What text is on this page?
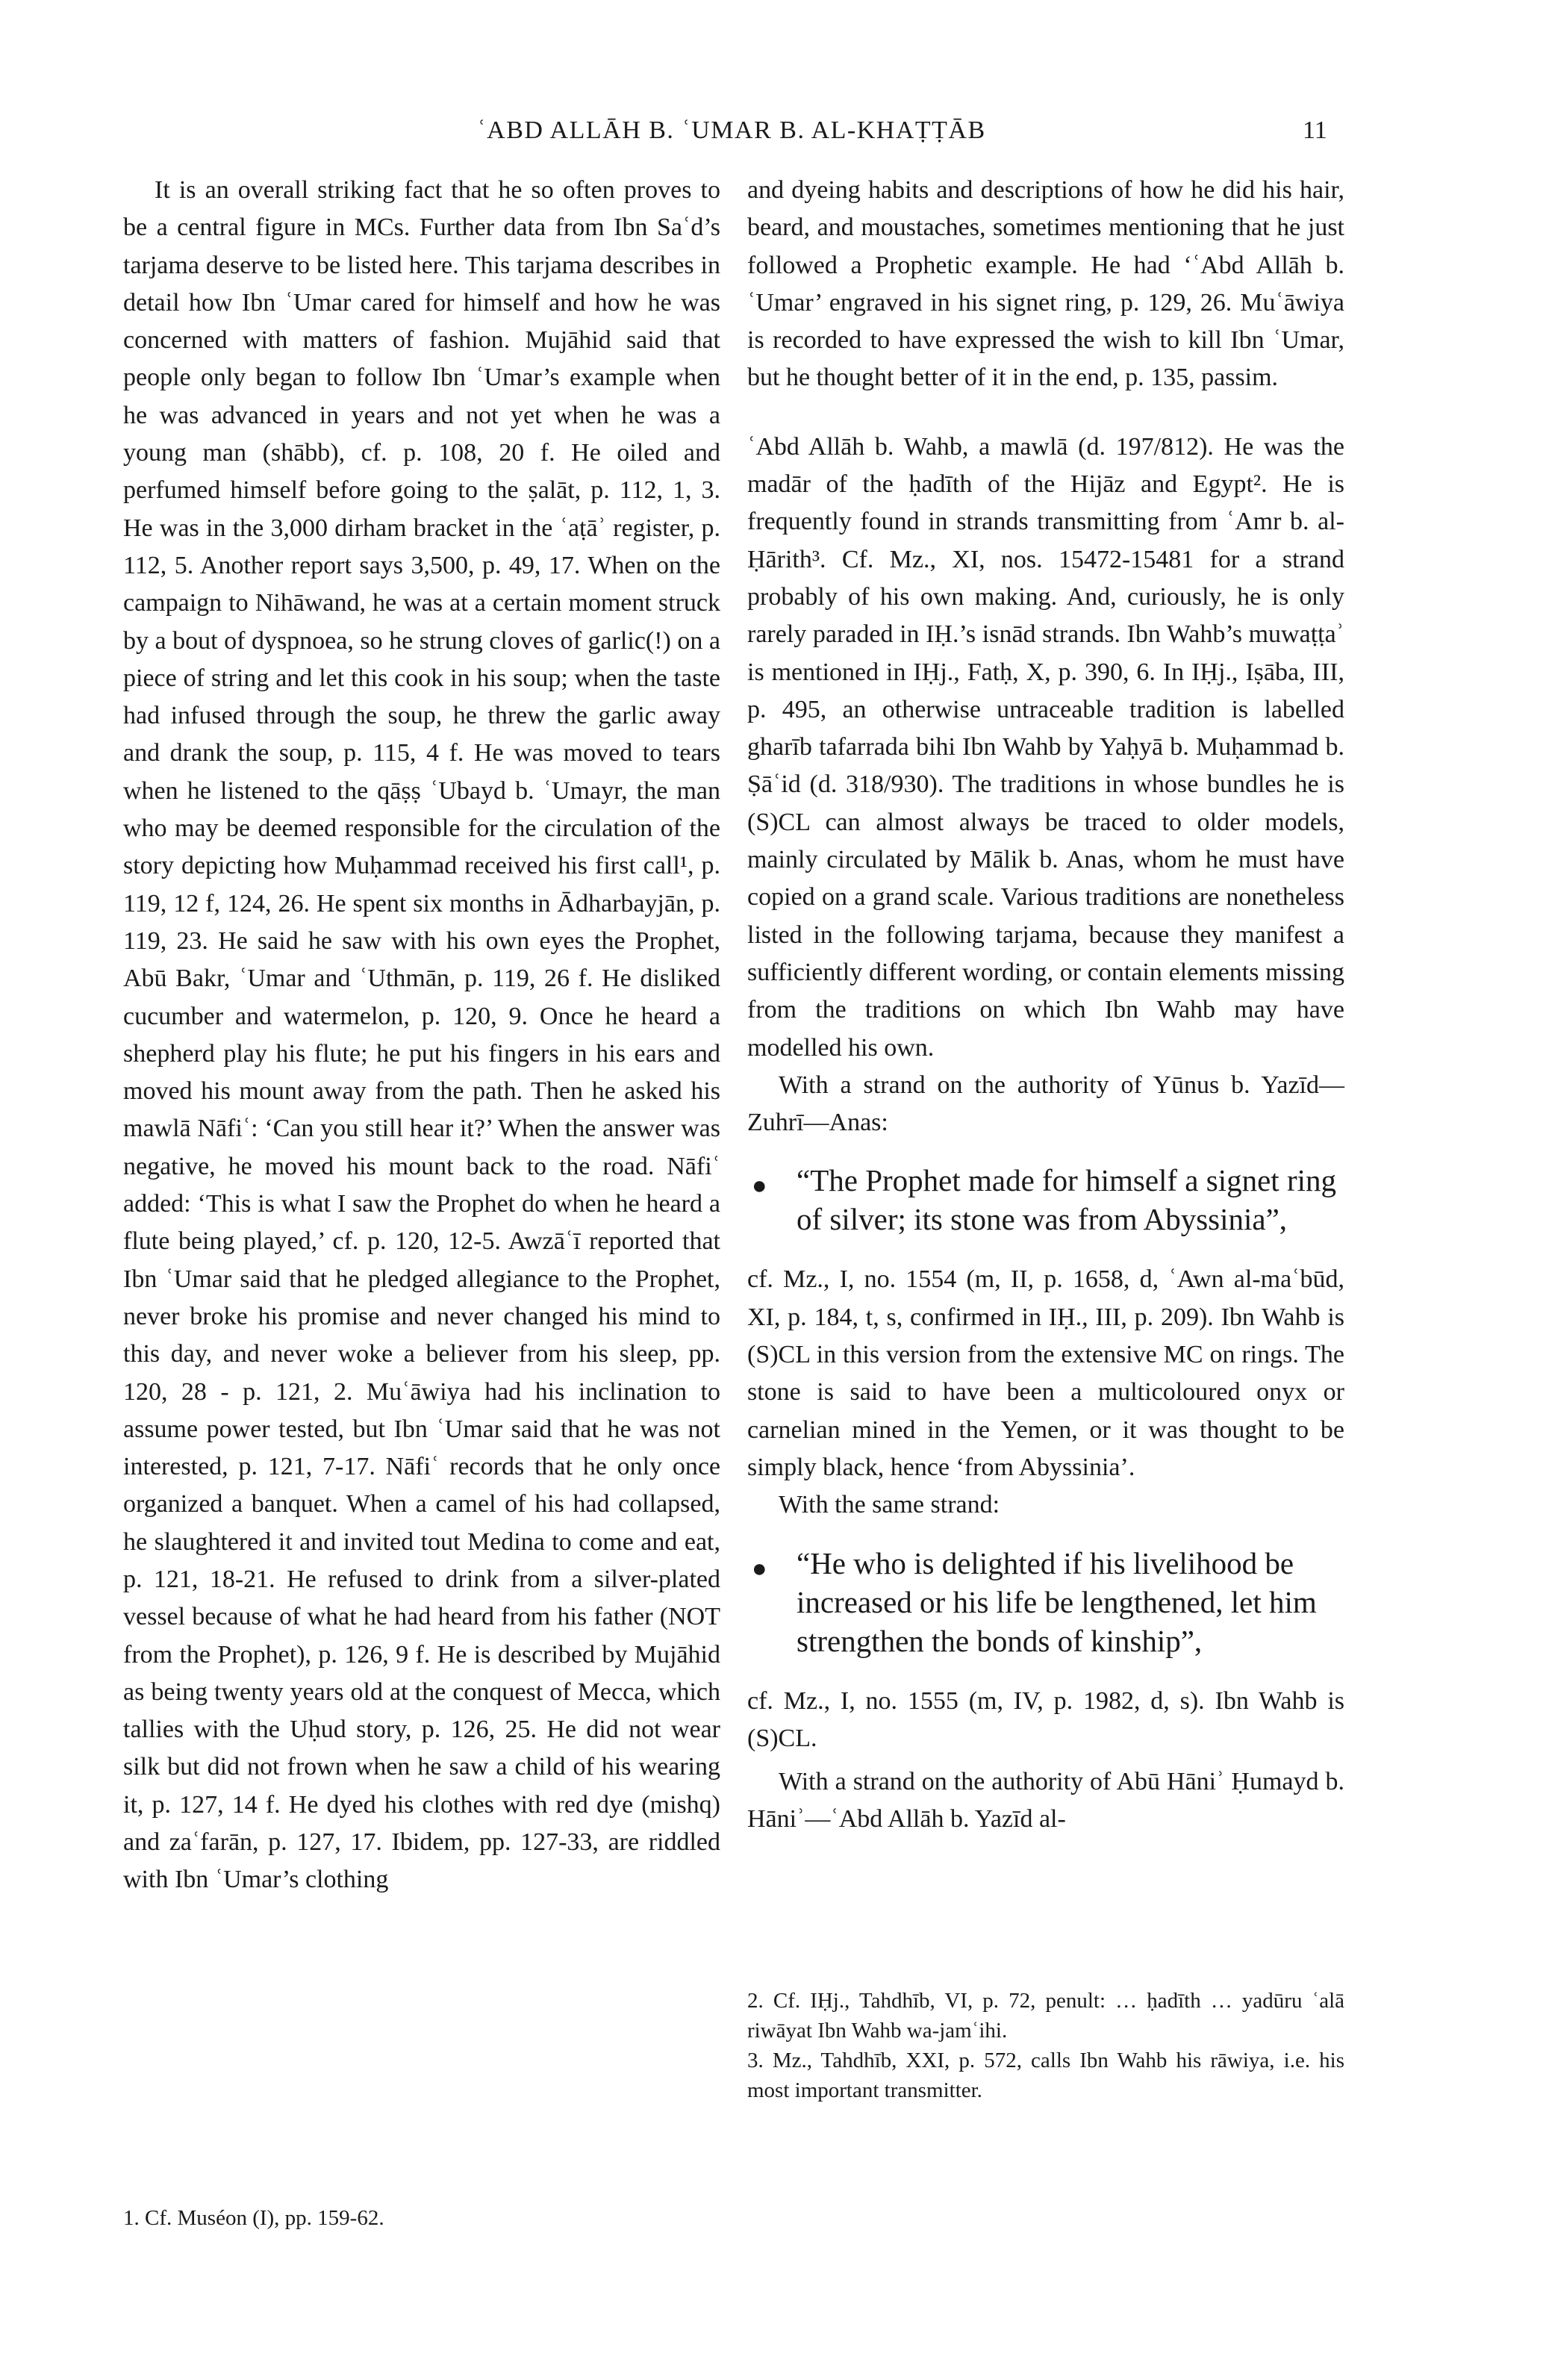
ʿABD ALLĀH B. ʿUMAR B. AL-KHAṬṬĀB	11

It is an overall striking fact that he so often proves to be a central figure in MCs. Further data from Ibn Saʿd’s tarjama deserve to be listed here. This tarjama describes in detail how Ibn ʿUmar cared for himself and how he was concerned with matters of fashion. Mujāhid said that people only began to follow Ibn ʿUmar’s example when he was advanced in years and not yet when he was a young man (shābb), cf. p. 108, 20 f. He oiled and perfumed himself before going to the ṣalāt, p. 112, 1, 3. He was in the 3,000 dirham bracket in the ʿaṭāʾ register, p. 112, 5. Another report says 3,500, p. 49, 17. When on the campaign to Nihāwand, he was at a certain moment struck by a bout of dyspnoea, so he strung cloves of garlic(!) on a piece of string and let this cook in his soup; when the taste had infused through the soup, he threw the garlic away and drank the soup, p. 115, 4 f. He was moved to tears when he listened to the qāṣṣ ʿUbayd b. ʿUmayr, the man who may be deemed responsible for the circulation of the story depicting how Muḥammad received his first call¹, p. 119, 12 f, 124, 26. He spent six months in Ādharbayjān, p. 119, 23. He said he saw with his own eyes the Prophet, Abū Bakr, ʿUmar and ʿUthmān, p. 119, 26 f. He disliked cucumber and watermelon, p. 120, 9. Once he heard a shepherd play his flute; he put his fingers in his ears and moved his mount away from the path. Then he asked his mawlā Nāfiʿ: ‘Can you still hear it?’ When the answer was negative, he moved his mount back to the road. Nāfiʿ added: ‘This is what I saw the Prophet do when he heard a flute being played,’ cf. p. 120, 12-5. Awzāʿī reported that Ibn ʿUmar said that he pledged allegiance to the Prophet, never broke his promise and never changed his mind to this day, and never woke a believer from his sleep, pp. 120, 28 - p. 121, 2. Muʿāwiya had his inclination to assume power tested, but Ibn ʿUmar said that he was not interested, p. 121, 7-17. Nāfiʿ records that he only once organized a banquet. When a camel of his had collapsed, he slaughtered it and invited tout Medina to come and eat, p. 121, 18-21. He refused to drink from a silver-plated vessel because of what he had heard from his father (NOT from the Prophet), p. 126, 9 f. He is described by Mujāhid as being twenty years old at the conquest of Mecca, which tallies with the Uḥud story, p. 126, 25. He did not wear silk but did not frown when he saw a child of his wearing it, p. 127, 14 f. He dyed his clothes with red dye (mishq) and zaʿfarān, p. 127, 17. Ibidem, pp. 127-33, are riddled with Ibn ʿUmar’s clothing

and dyeing habits and descriptions of how he did his hair, beard, and moustaches, sometimes mentioning that he just followed a Prophetic example. He had ‘ʿAbd Allāh b. ʿUmar’ engraved in his signet ring, p. 129, 26. Muʿāwiya is recorded to have expressed the wish to kill Ibn ʿUmar, but he thought better of it in the end, p. 135, passim.

ʿAbd Allāh b. Wahb, a mawlā (d. 197/812). He was the madār of the ḥadīth of the Hijāz and Egypt². He is frequently found in strands transmitting from ʿAmr b. al-Ḥārith³. Cf. Mz., XI, nos. 15472-15481 for a strand probably of his own making. And, curiously, he is only rarely paraded in IḤ.’s isnād strands. Ibn Wahb’s muwaṭṭaʾ is mentioned in IḤj., Fatḥ, X, p. 390, 6. In IḤj., Iṣāba, III, p. 495, an otherwise untraceable tradition is labelled gharīb tafarrada bihi Ibn Wahb by Yaḥyā b. Muḥammad b. Ṣāʿid (d. 318/930). The traditions in whose bundles he is (S)CL can almost always be traced to older models, mainly circulated by Mālik b. Anas, whom he must have copied on a grand scale. Various traditions are nonetheless listed in the following tarjama, because they manifest a sufficiently different wording, or contain elements missing from the traditions on which Ibn Wahb may have modelled his own.

With a strand on the authority of Yūnus b. Yazīd—Zuhrī—Anas:

● “The Prophet made for himself a signet ring of silver; its stone was from Abyssinia”,

cf. Mz., I, no. 1554 (m, II, p. 1658, d, ʿAwn al-maʿbūd, XI, p. 184, t, s, confirmed in IḤ., III, p. 209). Ibn Wahb is (S)CL in this version from the extensive MC on rings. The stone is said to have been a multicoloured onyx or carnelian mined in the Yemen, or it was thought to be simply black, hence ‘from Abyssinia’.

With the same strand:

● “He who is delighted if his livelihood be increased or his life be lengthened, let him strengthen the bonds of kinship”,

cf. Mz., I, no. 1555 (m, IV, p. 1982, d, s). Ibn Wahb is (S)CL.

With a strand on the authority of Abū Hāniʾ Ḥumayd b. Hāniʾ—ʿAbd Allāh b. Yazīd al-

1. Cf. Muséon (I), pp. 159-62.

2. Cf. IḤj., Tahdhīb, VI, p. 72, penult: … ḥadīth … yadūru ʿalā riwāyat Ibn Wahb wa-jamʿihi.

3. Mz., Tahdhīb, XXI, p. 572, calls Ibn Wahb his rāwiya, i.e. his most important transmitter.
